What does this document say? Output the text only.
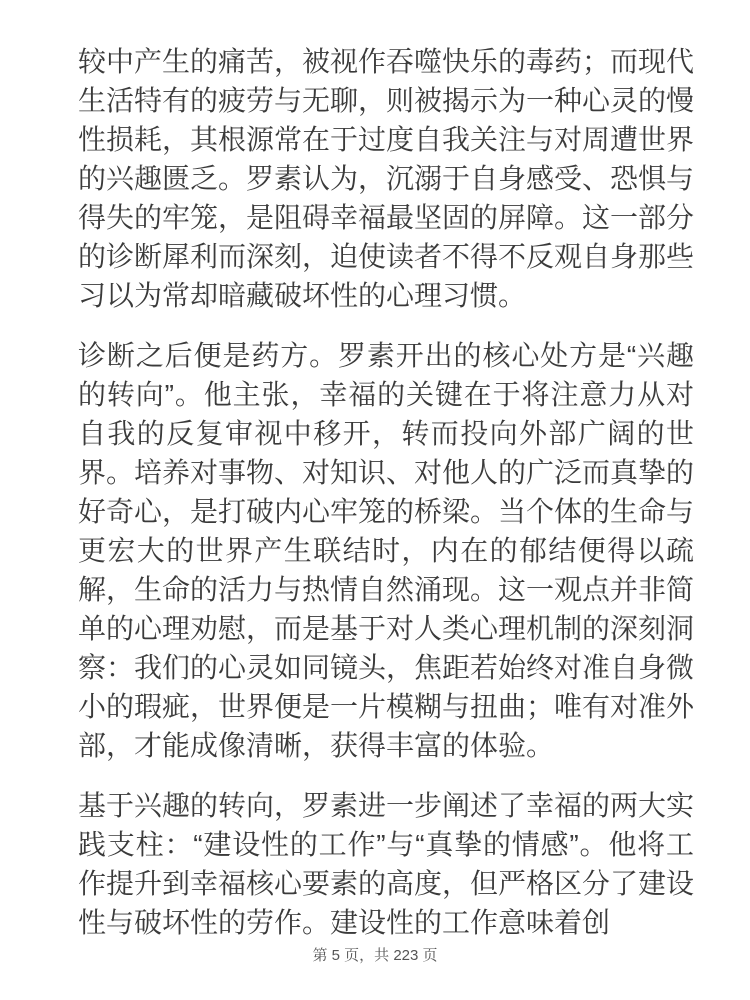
较中产生的痛苦，被视作吞噬快乐的毒药；而现代生活特有的疲劳与无聊，则被揭示为一种心灵的慢性损耗，其根源常在于过度自我关注与对周遭世界的兴趣匮乏。罗素认为，沉溺于自身感受、恐惧与得失的牢笼，是阻碍幸福最坚固的屏障。这一部分的诊断犀利而深刻，迫使读者不得不反观自身那些习以为常却暗藏破坏性的心理习惯。

诊断之后便是药方。罗素开出的核心处方是“兴趣的转向”。他主张，幸福的关键在于将注意力从对自我的反复审视中移开，转而投向外部广阔的世界。培养对事物、对知识、对他人的广泛而真挚的好奇心，是打破内心牢笼的桥梁。当个体的生命与更宏大的世界产生联结时，内在的郁结便得以疏解，生命的活力与热情自然涌现。这一观点并非简单的心理劝慰，而是基于对人类心理机制的深刻洞察：我们的心灵如同镜头，焦距若始终对准自身微小的瑕疵，世界便是一片模糊与扭曲；唯有对准外部，才能成像清晰，获得丰富的体验。

基于兴趣的转向，罗素进一步阐述了幸福的两大实践支柱：“建设性的工作”与“真挚的情感”。他将工作提升到幸福核心要素的高度，但严格区分了建设性与破坏性的劳作。建设性的工作意味着创

第 5 页，共 223 页
